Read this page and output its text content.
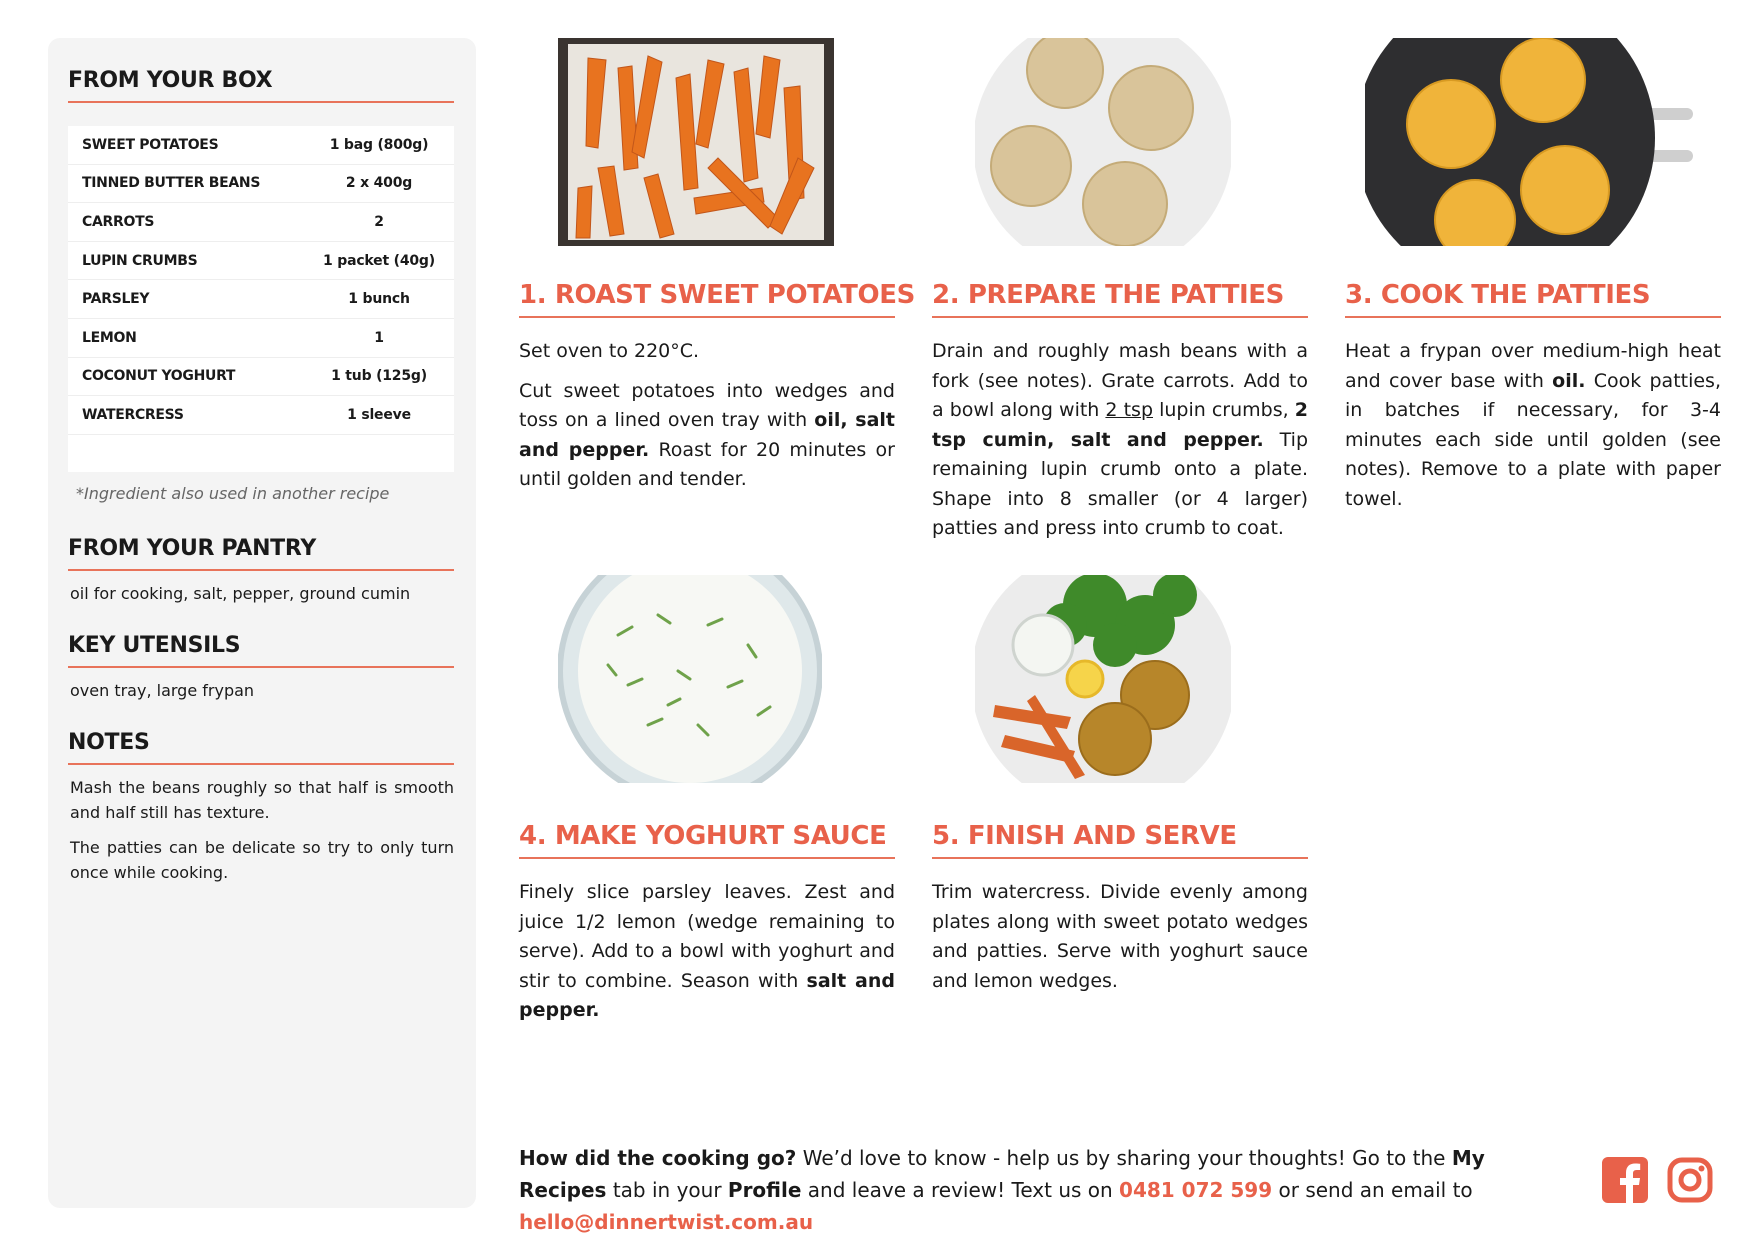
FROM YOUR BOX
SWEET POTATOES	1 bag (800g)
TINNED BUTTER BEANS	2 x 400g
CARROTS	2
LUPIN CRUMBS	1 packet (40g)
PARSLEY	1 bunch
LEMON	1
COCONUT YOGHURT	1 tub (125g)
WATERCRESS	1 sleeve
*Ingredient also used in another recipe
FROM YOUR PANTRY
oil for cooking, salt, pepper, ground cumin
KEY UTENSILS
oven tray, large frypan
NOTES
Mash the beans roughly so that half is smooth and half still has texture.
The patties can be delicate so try to only turn once while cooking.
1. ROAST SWEET POTATOES

Set oven to 220°C.

Cut sweet potatoes into wedges and toss on a lined oven tray with oil, salt and pepper. Roast for 20 minutes or until golden and tender.

2. PREPARE THE PATTIES

Drain and roughly mash beans with a fork (see notes). Grate carrots. Add to a bowl along with 2 tsp lupin crumbs, 2 tsp cumin, salt and pepper. Tip remaining lupin crumb onto a plate. Shape into 8 smaller (or 4 larger) patties and press into crumb to coat.

3. COOK THE PATTIES

Heat a frypan over medium-high heat and cover base with oil. Cook patties, in batches if necessary, for 3-4 minutes each side until golden (see notes). Remove to a plate with paper towel.

4. MAKE YOGHURT SAUCE

Finely slice parsley leaves. Zest and juice 1/2 lemon (wedge remaining to serve). Add to a bowl with yoghurt and stir to combine. Season with salt and pepper.

5. FINISH AND SERVE

Trim watercress. Divide evenly among plates along with sweet potato wedges and patties. Serve with yoghurt sauce and lemon wedges.

How did the cooking go? We’d love to know - help us by sharing your thoughts! Go to the My Recipes tab in your Profile and leave a review! Text us on 0481 072 599 or send an email to hello@dinnertwist.com.au
